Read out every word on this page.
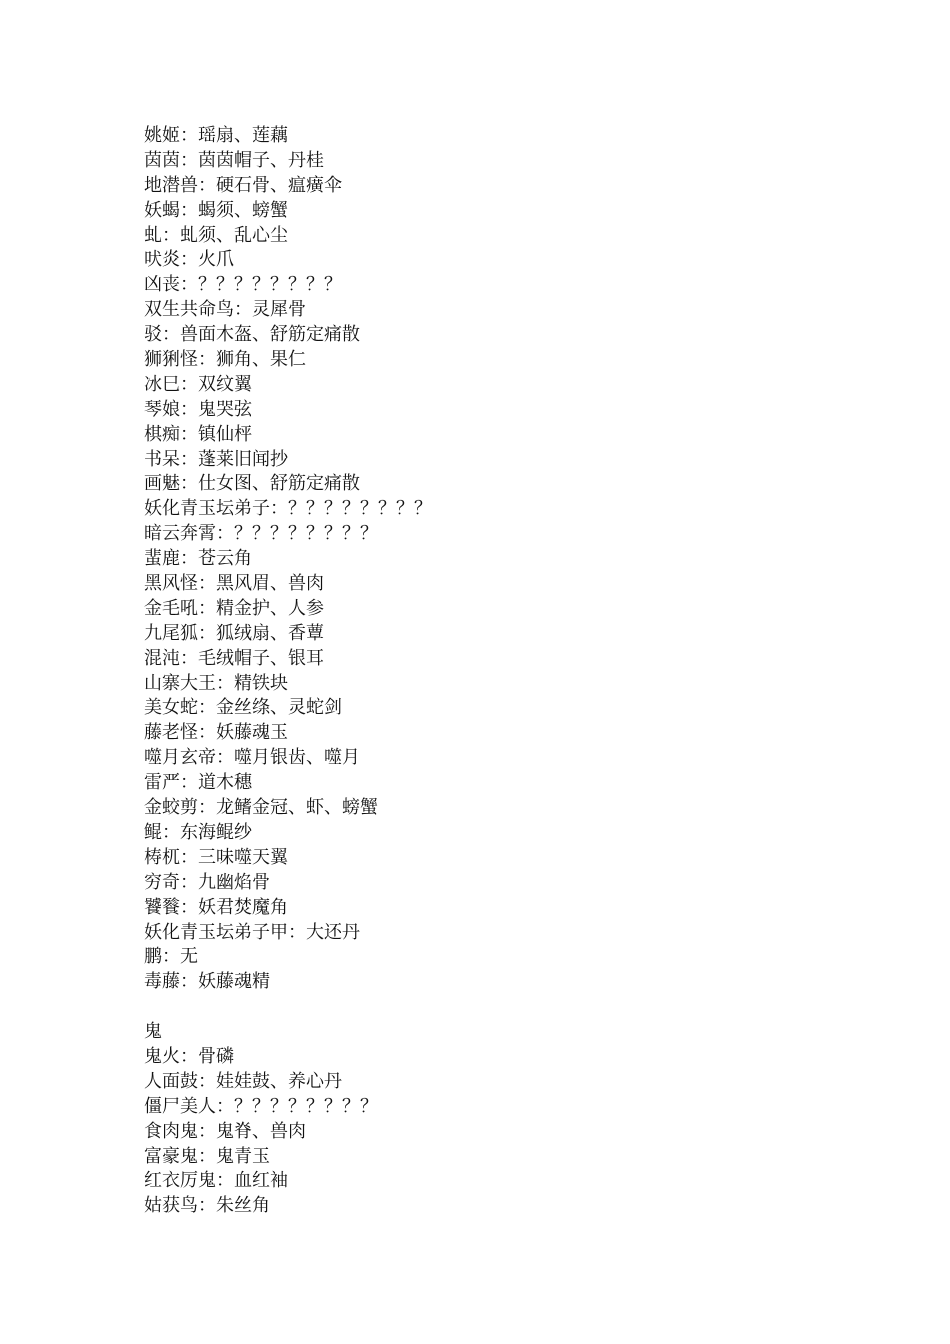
姚姬：瑶扇、莲藕
茵茵：茵茵帽子、丹桂
地潜兽：硬石骨、瘟癀伞
妖蝎：蝎须、螃蟹
虬：虬须、乱心尘
吠炎：火爪
凶丧：？？？？？？？？
双生共命鸟：灵犀骨
驳：兽面木盔、舒筋定痛散
狮猁怪：狮角、果仁
冰巳：双纹翼
琴娘：鬼哭弦
棋痴：镇仙枰
书呆：蓬莱旧闻抄
画魅：仕女图、舒筋定痛散
妖化青玉坛弟子：？？？？？？？？
暗云奔霄：？？？？？？？？
蜚鹿：苍云角
黑风怪：黑风眉、兽肉
金毛吼：精金护、人参
九尾狐：狐绒扇、香蕈
混沌：毛绒帽子、银耳
山寨大王：精铁块
美女蛇：金丝绦、灵蛇剑
藤老怪：妖藤魂玉
噬月玄帝：噬月银齿、噬月
雷严：道木穗
金蛟剪：龙鳍金冠、虾、螃蟹
鲲：东海鲲纱
梼杌：三味噬天翼
穷奇：九幽焰骨
饕餮：妖君焚魔角
妖化青玉坛弟子甲：大还丹
鹏：无
毒藤：妖藤魂精
鬼
鬼火：骨磷
人面鼓：娃娃鼓、养心丹
僵尸美人：？？？？？？？？
食肉鬼：鬼脊、兽肉
富豪鬼：鬼青玉
红衣厉鬼：血红袖
姑获鸟：朱丝角
